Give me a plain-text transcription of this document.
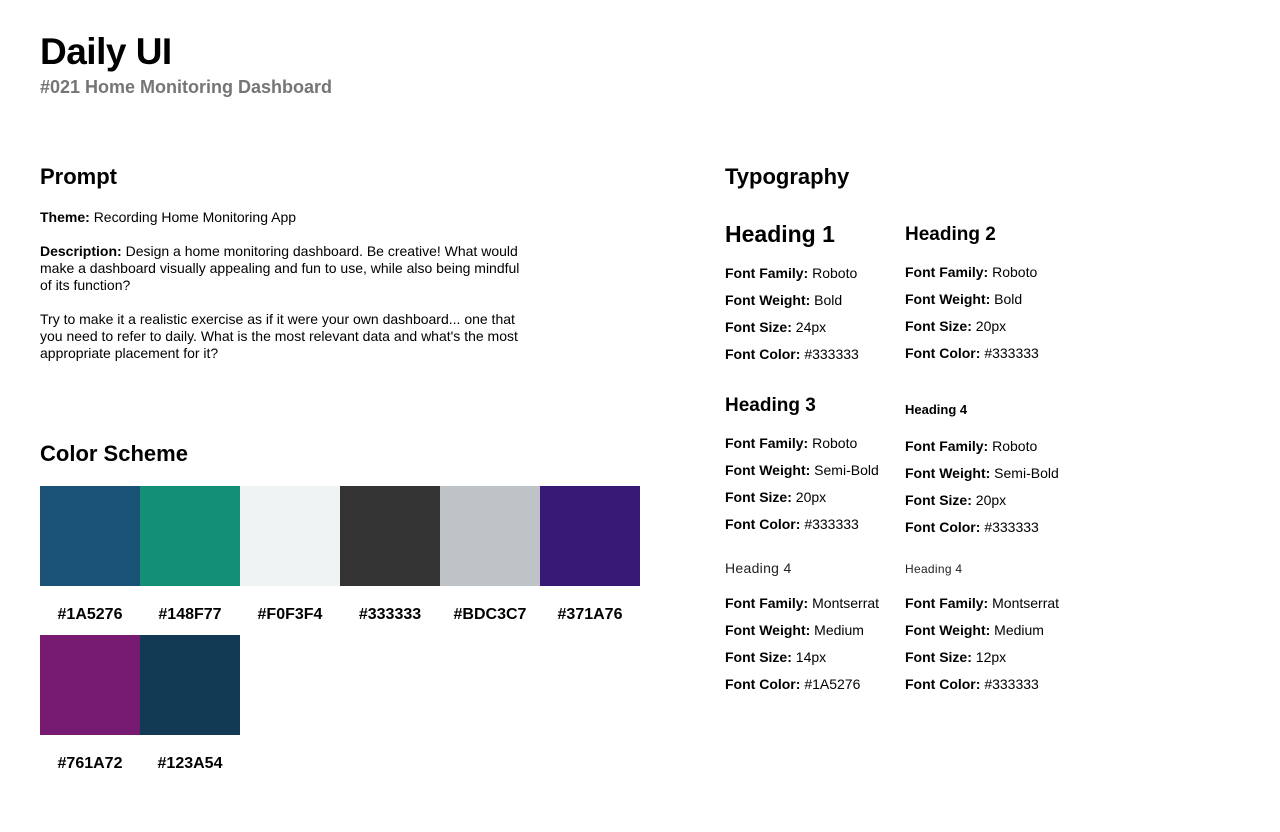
Daily UI
#021 Home Monitoring Dashboard
Prompt

Theme: Recording Home Monitoring App

Description: Design a home monitoring dashboard. Be creative! What would make a dashboard visually appealing and fun to use, while also being mindful of its function?

Try to make it a realistic exercise as if it were your own dashboard... one that you need to refer to daily. What is the most relevant data and what's the most appropriate placement for it?

Color Scheme
#1A5276 #148F77 #F0F3F4 #333333 #BDC3C7 #371A76
#761A72 #123A54
Typography
Heading 1
Font Family: Roboto
Font Weight: Bold
Font Size: 24px
Font Color: #333333
Heading 2
Font Family: Roboto
Font Weight: Bold
Font Size: 20px
Font Color: #333333
Heading 3
Font Family: Roboto
Font Weight: Semi-Bold
Font Size: 20px
Font Color: #333333
Heading 4
Font Family: Roboto
Font Weight: Semi-Bold
Font Size: 20px
Font Color: #333333
Heading 4
Font Family: Montserrat
Font Weight: Medium
Font Size: 14px
Font Color: #1A5276
Heading 4
Font Family: Montserrat
Font Weight: Medium
Font Size: 12px
Font Color: #333333
